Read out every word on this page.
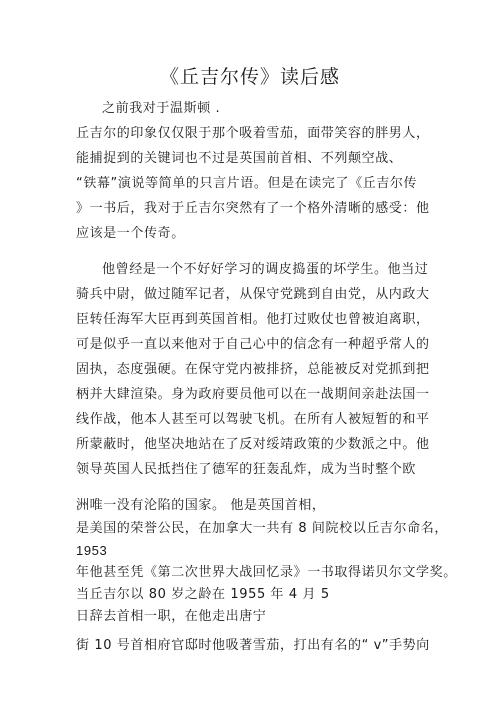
《丘吉尔传》读后感
之前我对于温斯顿 .
丘吉尔的印象仅仅限于那个吸着雪茄，面带笑容的胖男人，
能捕捉到的关键词也不过是英国前首相、不列颠空战、
“铁幕”演说等简单的只言片语。但是在读完了《丘吉尔传
》一书后，我对于丘吉尔突然有了一个格外清晰的感受：他
应该是一个传奇。
他曾经是一个不好好学习的调皮捣蛋的坏学生。他当过
骑兵中尉，做过随军记者，从保守党跳到自由党，从内政大
臣转任海军大臣再到英国首相。他打过败仗也曾被迫离职，
可是似乎一直以来他对于自己心中的信念有一种超乎常人的
固执，态度强硬。在保守党内被排挤，总能被反对党抓到把
柄并大肆渲染。身为政府要员他可以在一战期间亲赴法国一
线作战，他本人甚至可以驾驶飞机。在所有人被短暂的和平
所蒙蔽时，他坚决地站在了反对绥靖政策的少数派之中。他
领导英国人民抵挡住了德军的狂轰乱炸，成为当时整个欧
洲唯一没有沦陷的国家。 他是英国首相，
是美国的荣誉公民，在加拿大一共有 8 间院校以丘吉尔命名，
1953
年他甚至凭《第二次世界大战回忆录》一书取得诺贝尔文学奖。
当丘吉尔以 80 岁之龄在 1955 年 4 月 5
日辞去首相一职，在他走出唐宁
街 10 号首相府官邸时他吸著雪茄，打出有名的“ v”手势向
